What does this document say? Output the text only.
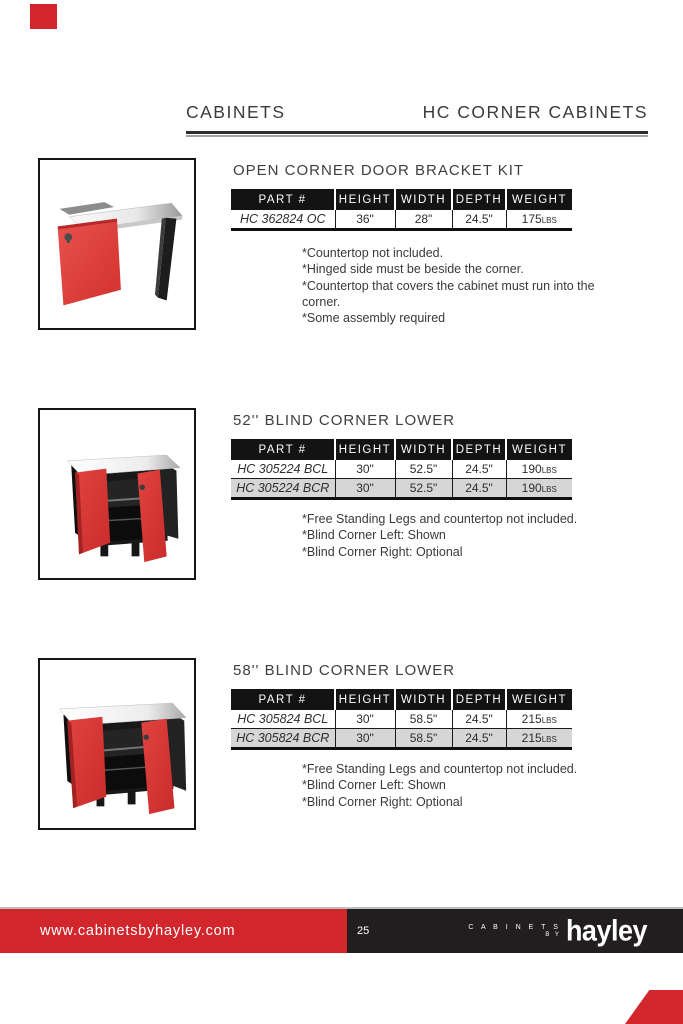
CABINETS	HC CORNER CABINETS
OPEN CORNER DOOR BRACKET KIT
PART #	HEIGHT	WIDTH	DEPTH	WEIGHT
HC 362824 OC	36"	28"	24.5"	175LBS
*Countertop not included.
*Hinged side must be beside the corner.
*Countertop that covers the cabinet must run into the corner.
*Some assembly required
52'' BLIND CORNER LOWER
PART #	HEIGHT	WIDTH	DEPTH	WEIGHT
HC 305224 BCL	30"	52.5"	24.5"	190LBS
HC 305224 BCR	30"	52.5"	24.5"	190LBS
*Free Standing Legs and countertop not included.
*Blind Corner Left: Shown
*Blind Corner Right: Optional
58'' BLIND CORNER LOWER
PART #	HEIGHT	WIDTH	DEPTH	WEIGHT
HC 305824 BCL	30"	58.5"	24.5"	215LBS
HC 305824 BCR	30"	58.5"	24.5"	215LBS
*Free Standing Legs and countertop not included.
*Blind Corner Left: Shown
*Blind Corner Right: Optional
www.cabinetsbyhayley.com	25	C A B I N E T S
B Y hayley
